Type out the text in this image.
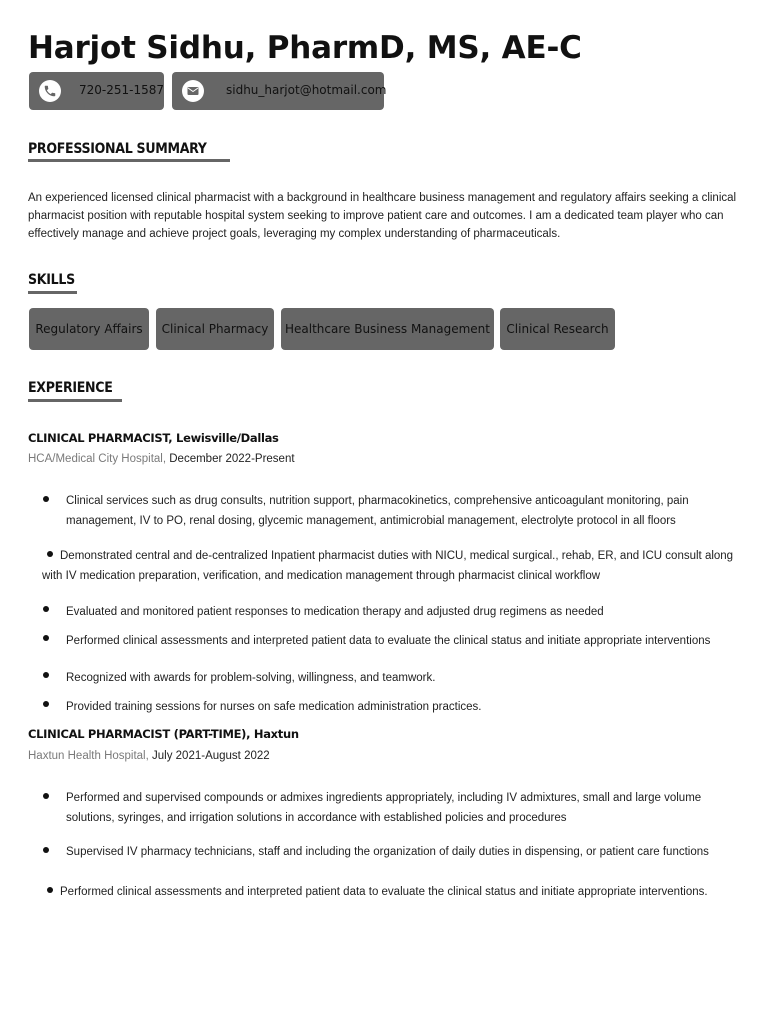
Harjot Sidhu, PharmD, MS, AE-C
720-251-1587	sidhu_harjot@hotmail.com
PROFESSIONAL SUMMARY
An experienced licensed clinical pharmacist with a background in healthcare business management and regulatory affairs seeking a clinical pharmacist position with reputable hospital system seeking to improve patient care and outcomes. I am a dedicated team player who can effectively manage and achieve project goals, leveraging my complex understanding of pharmaceuticals.
SKILLS
Regulatory Affairs	Clinical Pharmacy	Healthcare Business Management	Clinical Research
EXPERIENCE
CLINICAL PHARMACIST, Lewisville/Dallas
HCA/Medical City Hospital, December 2022-Present
Clinical services such as drug consults, nutrition support, pharmacokinetics, comprehensive anticoagulant monitoring, pain management, IV to PO, renal dosing, glycemic management, antimicrobial management, electrolyte protocol in all floors
Demonstrated central and de-centralized Inpatient pharmacist duties with NICU, medical surgical., rehab, ER, and ICU consult along with IV medication preparation, verification, and medication management through pharmacist clinical workflow
Evaluated and monitored patient responses to medication therapy and adjusted drug regimens as needed
Performed clinical assessments and interpreted patient data to evaluate the clinical status and initiate appropriate interventions
Recognized with awards for problem-solving, willingness, and teamwork.
Provided training sessions for nurses on safe medication administration practices.
CLINICAL PHARMACIST (PART-TIME), Haxtun
Haxtun Health Hospital, July 2021-August 2022
Performed and supervised compounds or admixes ingredients appropriately, including IV admixtures, small and large volume solutions, syringes, and irrigation solutions in accordance with established policies and procedures
Supervised IV pharmacy technicians, staff and including the organization of daily duties in dispensing, or patient care functions
Performed clinical assessments and interpreted patient data to evaluate the clinical status and initiate appropriate interventions.
